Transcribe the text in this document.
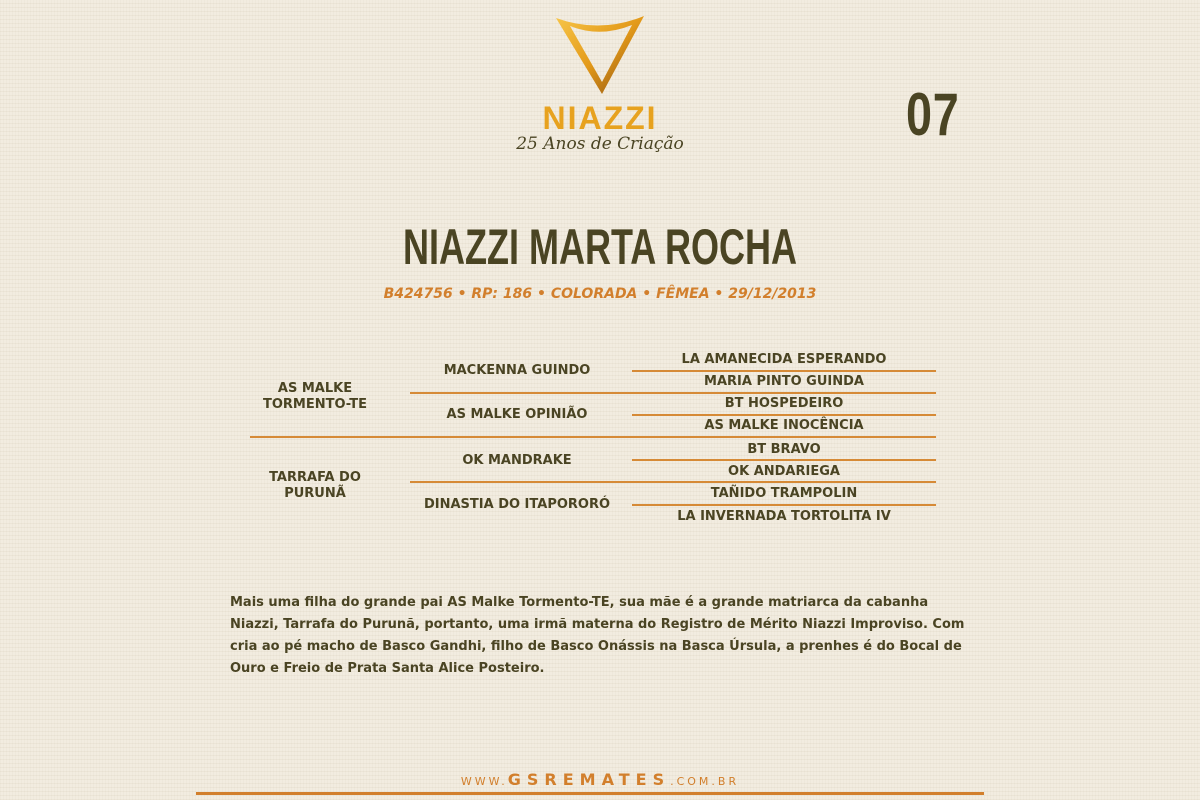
NIAZZI
25 Anos de Criação	07
NIAZZI MARTA ROCHA
B424756 • RP: 186 • COLORADA • FÊMEA • 29/12/2013
AS MALKE
TORMENTO-TE
TARRAFA DO
PURUNÃ
MACKENNA GUINDO
AS MALKE OPINIÃO
OK MANDRAKE
DINASTIA DO ITAPORORÓ
LA AMANECIDA ESPERANDO
MARIA PINTO GUINDA
BT HOSPEDEIRO
AS MALKE INOCÊNCIA
BT BRAVO
OK ANDARIEGA
TAÑIDO TRAMPOLIN
LA INVERNADA TORTOLITA IV
Mais uma filha do grande pai AS Malke Tormento-TE, sua mãe é a grande matriarca da cabanha Niazzi, Tarrafa do Purunã, portanto, uma irmã materna do Registro de Mérito Niazzi Improviso. Com cria ao pé macho de Basco Gandhi, filho de Basco Onássis na Basca Úrsula, a prenhes é do Bocal de Ouro e Freio de Prata Santa Alice Posteiro.
WWW.GSREMATES.COM.BR
